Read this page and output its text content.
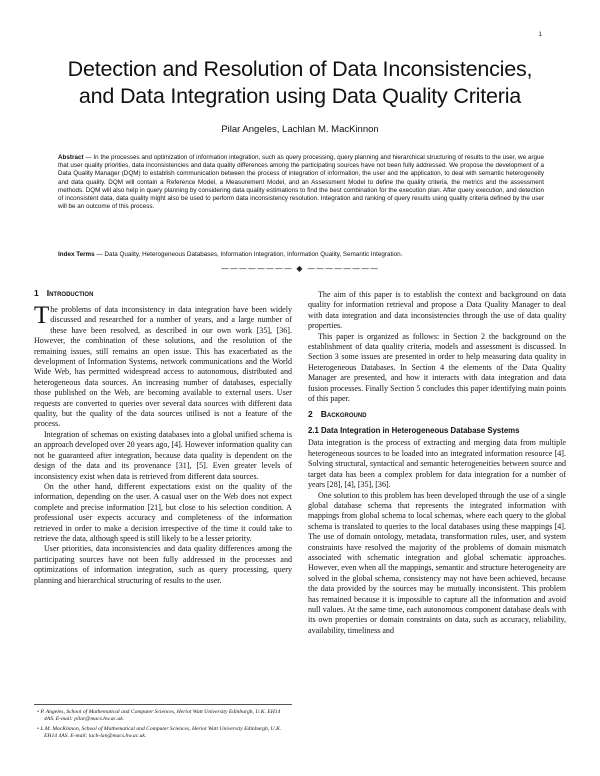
1
Detection and Resolution of Data Inconsistencies,
and Data Integration using Data Quality Criteria
Pilar Angeles, Lachlan M. MacKinnon

Abstract — In the processes and optimization of information integration, such as query processing, query planning and hierarchical structuring of results to the user, we argue that user quality priorities, data inconsistencies and data quality differences among the participating sources have not been fully addressed. We propose the development of a Data Quality Manager (DQM) to establish communication between the process of integration of information, the user and the application, to deal with semantic heterogeneity and data quality. DQM will contain a Reference Model, a Measurement Model, and an Assessment Model to define the quality criteria, the metrics and the assessment methods. DQM will also help in query planning by considering data quality estimations to find the best combination for the execution plan. After query execution, and detection of inconsistent data, data quality might also be used to perform data inconsistency resolution. Integration and ranking of query results using quality criteria defined by the user will be an outcome of this process.

Index Terms — Data Quality, Heterogeneous Databases, Information Integration, Information Quality, Semantic Integration.

———————— ◆ ————————
1 Introduction

The problems of data inconsistency in data integration have been widely discussed and researched for a number of years, and a large number of these have been resolved, as described in our own work [35], [36]. However, the combination of these solutions, and the resolution of the remaining issues, still remains an open issue. This has exacerbated as the development of Information Systems, network communications and the World Wide Web, has permitted widespread access to autonomous, distributed and heterogeneous data sources. An increasing number of databases, especially those published on the Web, are becoming available to external users. User requests are converted to queries over several data sources with different data quality, but the quality of the data sources utilised is not a feature of the process.

Integration of schemas on existing databases into a global unified schema is an approach developed over 20 years ago, [4]. However information quality can not be guaranteed after integration, because data quality is dependent on the design of the data and its provenance [31], [5]. Even greater levels of inconsistency exist when data is retrieved from different data sources.

On the other hand, different expectations exist on the quality of the information, depending on the user. A casual user on the Web does not expect complete and precise information [21], but close to his selection condition. A professional user expects accuracy and completeness of the information retrieved in order to make a decision irrespective of the time it could take to retrieve the data, although speed is still likely to be a lesser priority.

User priorities, data inconsistencies and data quality differences among the participating sources have not been fully addressed in the processes and optimizations of information integration, such as query processing, query planning and hierarchical structuring of results to the user.

• P. Angeles, School of Mathematical and Computer Sciences, Heriot Watt University Edinburgh, U.K. EH14 4AS. E-mail: pilar@macs.hw.ac.uk.
• L.M. MacKinnon, School of Mathematical and Computer Sciences, Heriot Watt University Edinburgh, U.K. EH14 4AS. E-mail: lach-lan@macs.hw.ac.uk.

The aim of this paper is to establish the context and background on data quality for information retrieval and propose a Data Quality Manager to deal with data integration and data inconsistencies through the use of data quality properties.

This paper is organized as follows: in Section 2 the background on the establishment of data quality criteria, models and assessment is discussed. In Section 3 some issues are presented in order to help measuring data quality in Heterogeneous Databases. In Section 4 the elements of the Data Quality Manager are presented, and how it interacts with data integration and data fusion processes. Finally Section 5 concludes this paper identifying main points of this paper.

2 Background
2.1 Data Integration in Heterogeneous Database Systems

Data integration is the process of extracting and merging data from multiple heterogeneous sources to be loaded into an integrated information resource [4]. Solving structural, syntactical and semantic heterogeneities between source and target data has been a complex problem for data integration for a number of years [28], [4], [35], [36].

One solution to this problem has been developed through the use of a single global database schema that represents the integrated information with mappings from global schema to local schemas, where each query to the global schema is translated to queries to the local databases using these mappings [4]. The use of domain ontology, metadata, transformation rules, user, and system constraints have resolved the majority of the problems of domain mismatch associated with schematic integration and global schematic approaches. However, even when all the mappings, semantic and structure heterogeneity are solved in the global schema, consistency may not have been achieved, because the data provided by the sources may be mutually inconsistent. This problem has remained because it is impossible to capture all the information and avoid null values. At the same time, each autonomous component database deals with its own properties or domain constraints on data, such as accuracy, reliability, availability, timeliness and
